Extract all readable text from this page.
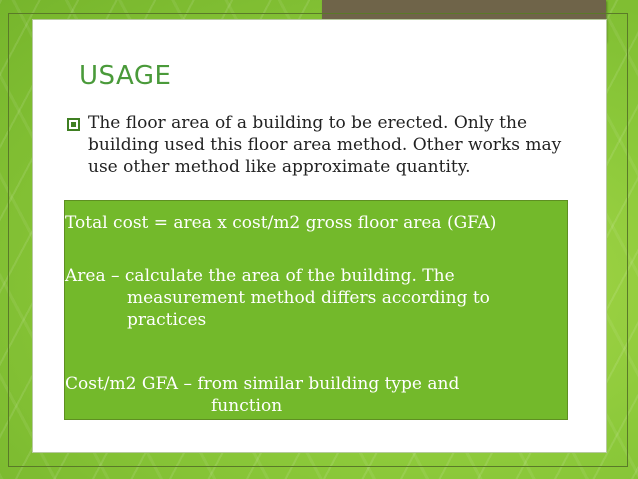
USAGE
The floor area of a building to be erected. Only the building used this floor area method. Other works may use other method like approximate quantity.
Total cost = area x cost/m2 gross floor area (GFA)
Area – calculate the area of the building. The
measurement method differs according to
practices
Cost/m2 GFA – from similar building type and
function
